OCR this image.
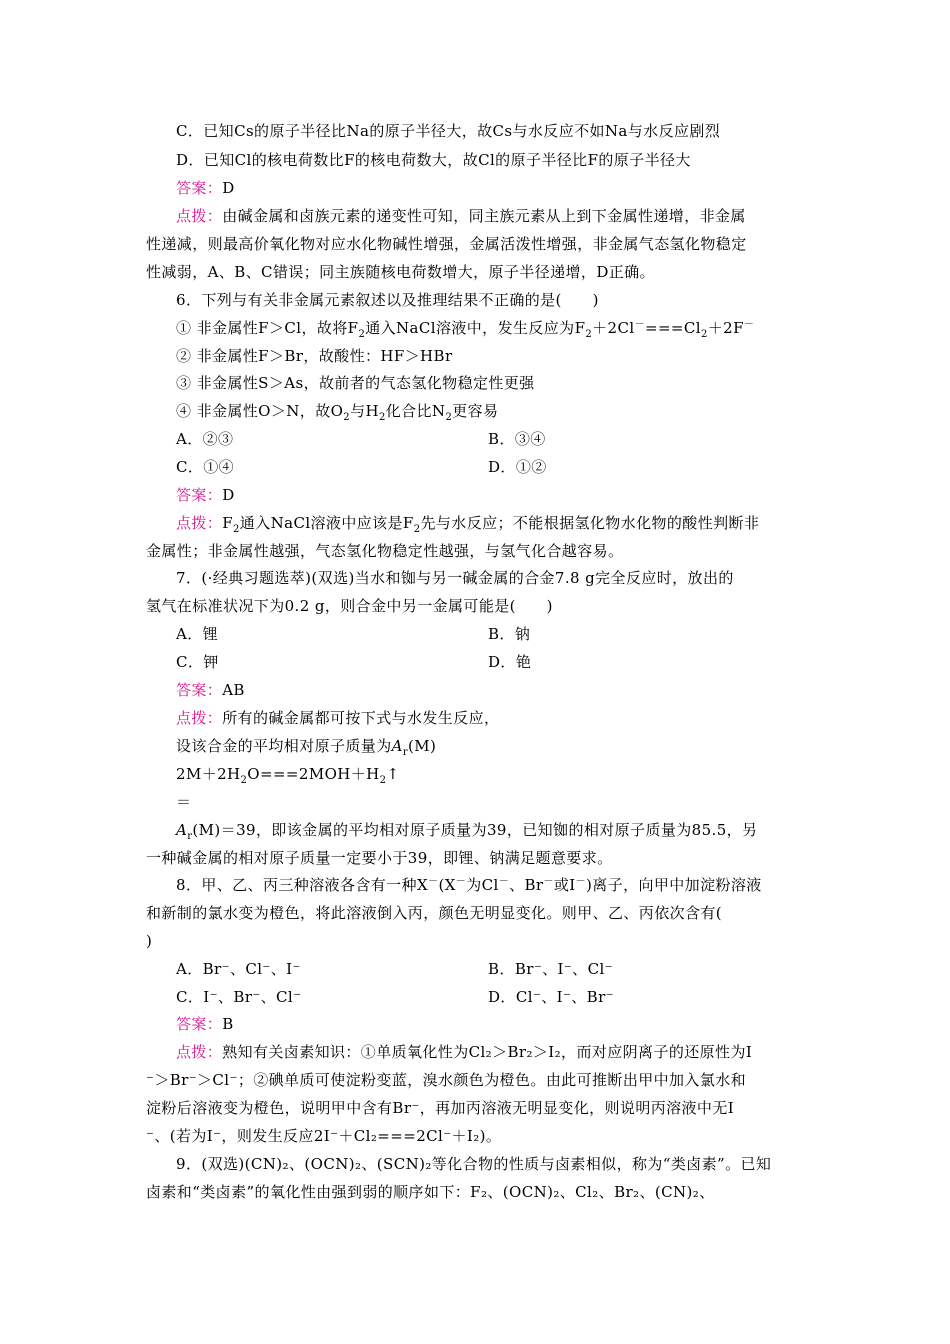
C．已知Cs的原子半径比Na的原子半径大，故Cs与水反应不如Na与水反应剧烈
D．已知Cl的核电荷数比F的核电荷数大，故Cl的原子半径比F的原子半径大
答案：D
点拨：由碱金属和卤族元素的递变性可知，同主族元素从上到下金属性递增，非金属
性递减，则最高价氧化物对应水化物碱性增强，金属活泼性增强，非金属气态氢化物稳定
性减弱，A、B、C错误；同主族随核电荷数增大，原子半径递增，D正确。
6．下列与有关非金属元素叙述以及推理结果不正确的是(　　)
① 非金属性F＞Cl，故将$F_2$通入NaCl溶液中，发生反应为$F_2+2Cl^-===Cl_2+2F^-$
② 非金属性F＞Br，故酸性：HF＞HBr
③ 非金属性S＞As，故前者的气态氢化物稳定性更强
④ 非金属性O＞N，故$O_2$与$H_2$化合比$N_2$更容易
A．②③	B．③④
C．①④	D．①②
答案：D
点拨：$F_2$通入NaCl溶液中应该是$F_2$先与水反应；不能根据氢化物水化物的酸性判断非
金属性；非金属性越强，气态氢化物稳定性越强，与氢气化合越容易。
7．(·经典习题选萃)(双选)当水和铷与另一碱金属的合金7.8 g完全反应时，放出的
氢气在标准状况下为0.2 g，则合金中另一金属可能是(　　)
A．锂	B．钠
C．钾	D．铯
答案：AB
点拨：所有的碱金属都可按下式与水发生反应，
设该合金的平均相对原子质量为$A_r(M)$
$2M+2H_2O===2MOH+H_2↑$
＝
$A_r(M)=39$，即该金属的平均相对原子质量为39，已知铷的相对原子质量为85.5，另
一种碱金属的相对原子质量一定要小于39，即锂、钠满足题意要求。
8．甲、乙、丙三种溶液各含有一种X－(X－为Cl－、Br－或I－)离子，向甲中加淀粉溶液
和新制的氯水变为橙色，将此溶液倒入丙，颜色无明显变化。则甲、乙、丙依次含有(
)
A．Br⁻、Cl⁻、I⁻	B．Br⁻、I⁻、Cl⁻
C．I⁻、Br⁻、Cl⁻	D．Cl⁻、I⁻、Br⁻
答案：B
点拨：熟知有关卤素知识：①单质氧化性为Cl₂＞Br₂＞I₂，而对应阴离子的还原性为I
⁻＞Br⁻＞Cl⁻；②碘单质可使淀粉变蓝，溴水颜色为橙色。由此可推断出甲中加入氯水和
淀粉后溶液变为橙色，说明甲中含有Br⁻，再加丙溶液无明显变化，则说明丙溶液中无I
⁻、(若为I⁻，则发生反应2I⁻＋Cl₂===2Cl⁻＋I₂)。
9．(双选)(CN)₂、(OCN)₂、(SCN)₂等化合物的性质与卤素相似，称为“类卤素”。已知
卤素和“类卤素”的氧化性由强到弱的顺序如下：F₂、(OCN)₂、Cl₂、Br₂、(CN)₂、
